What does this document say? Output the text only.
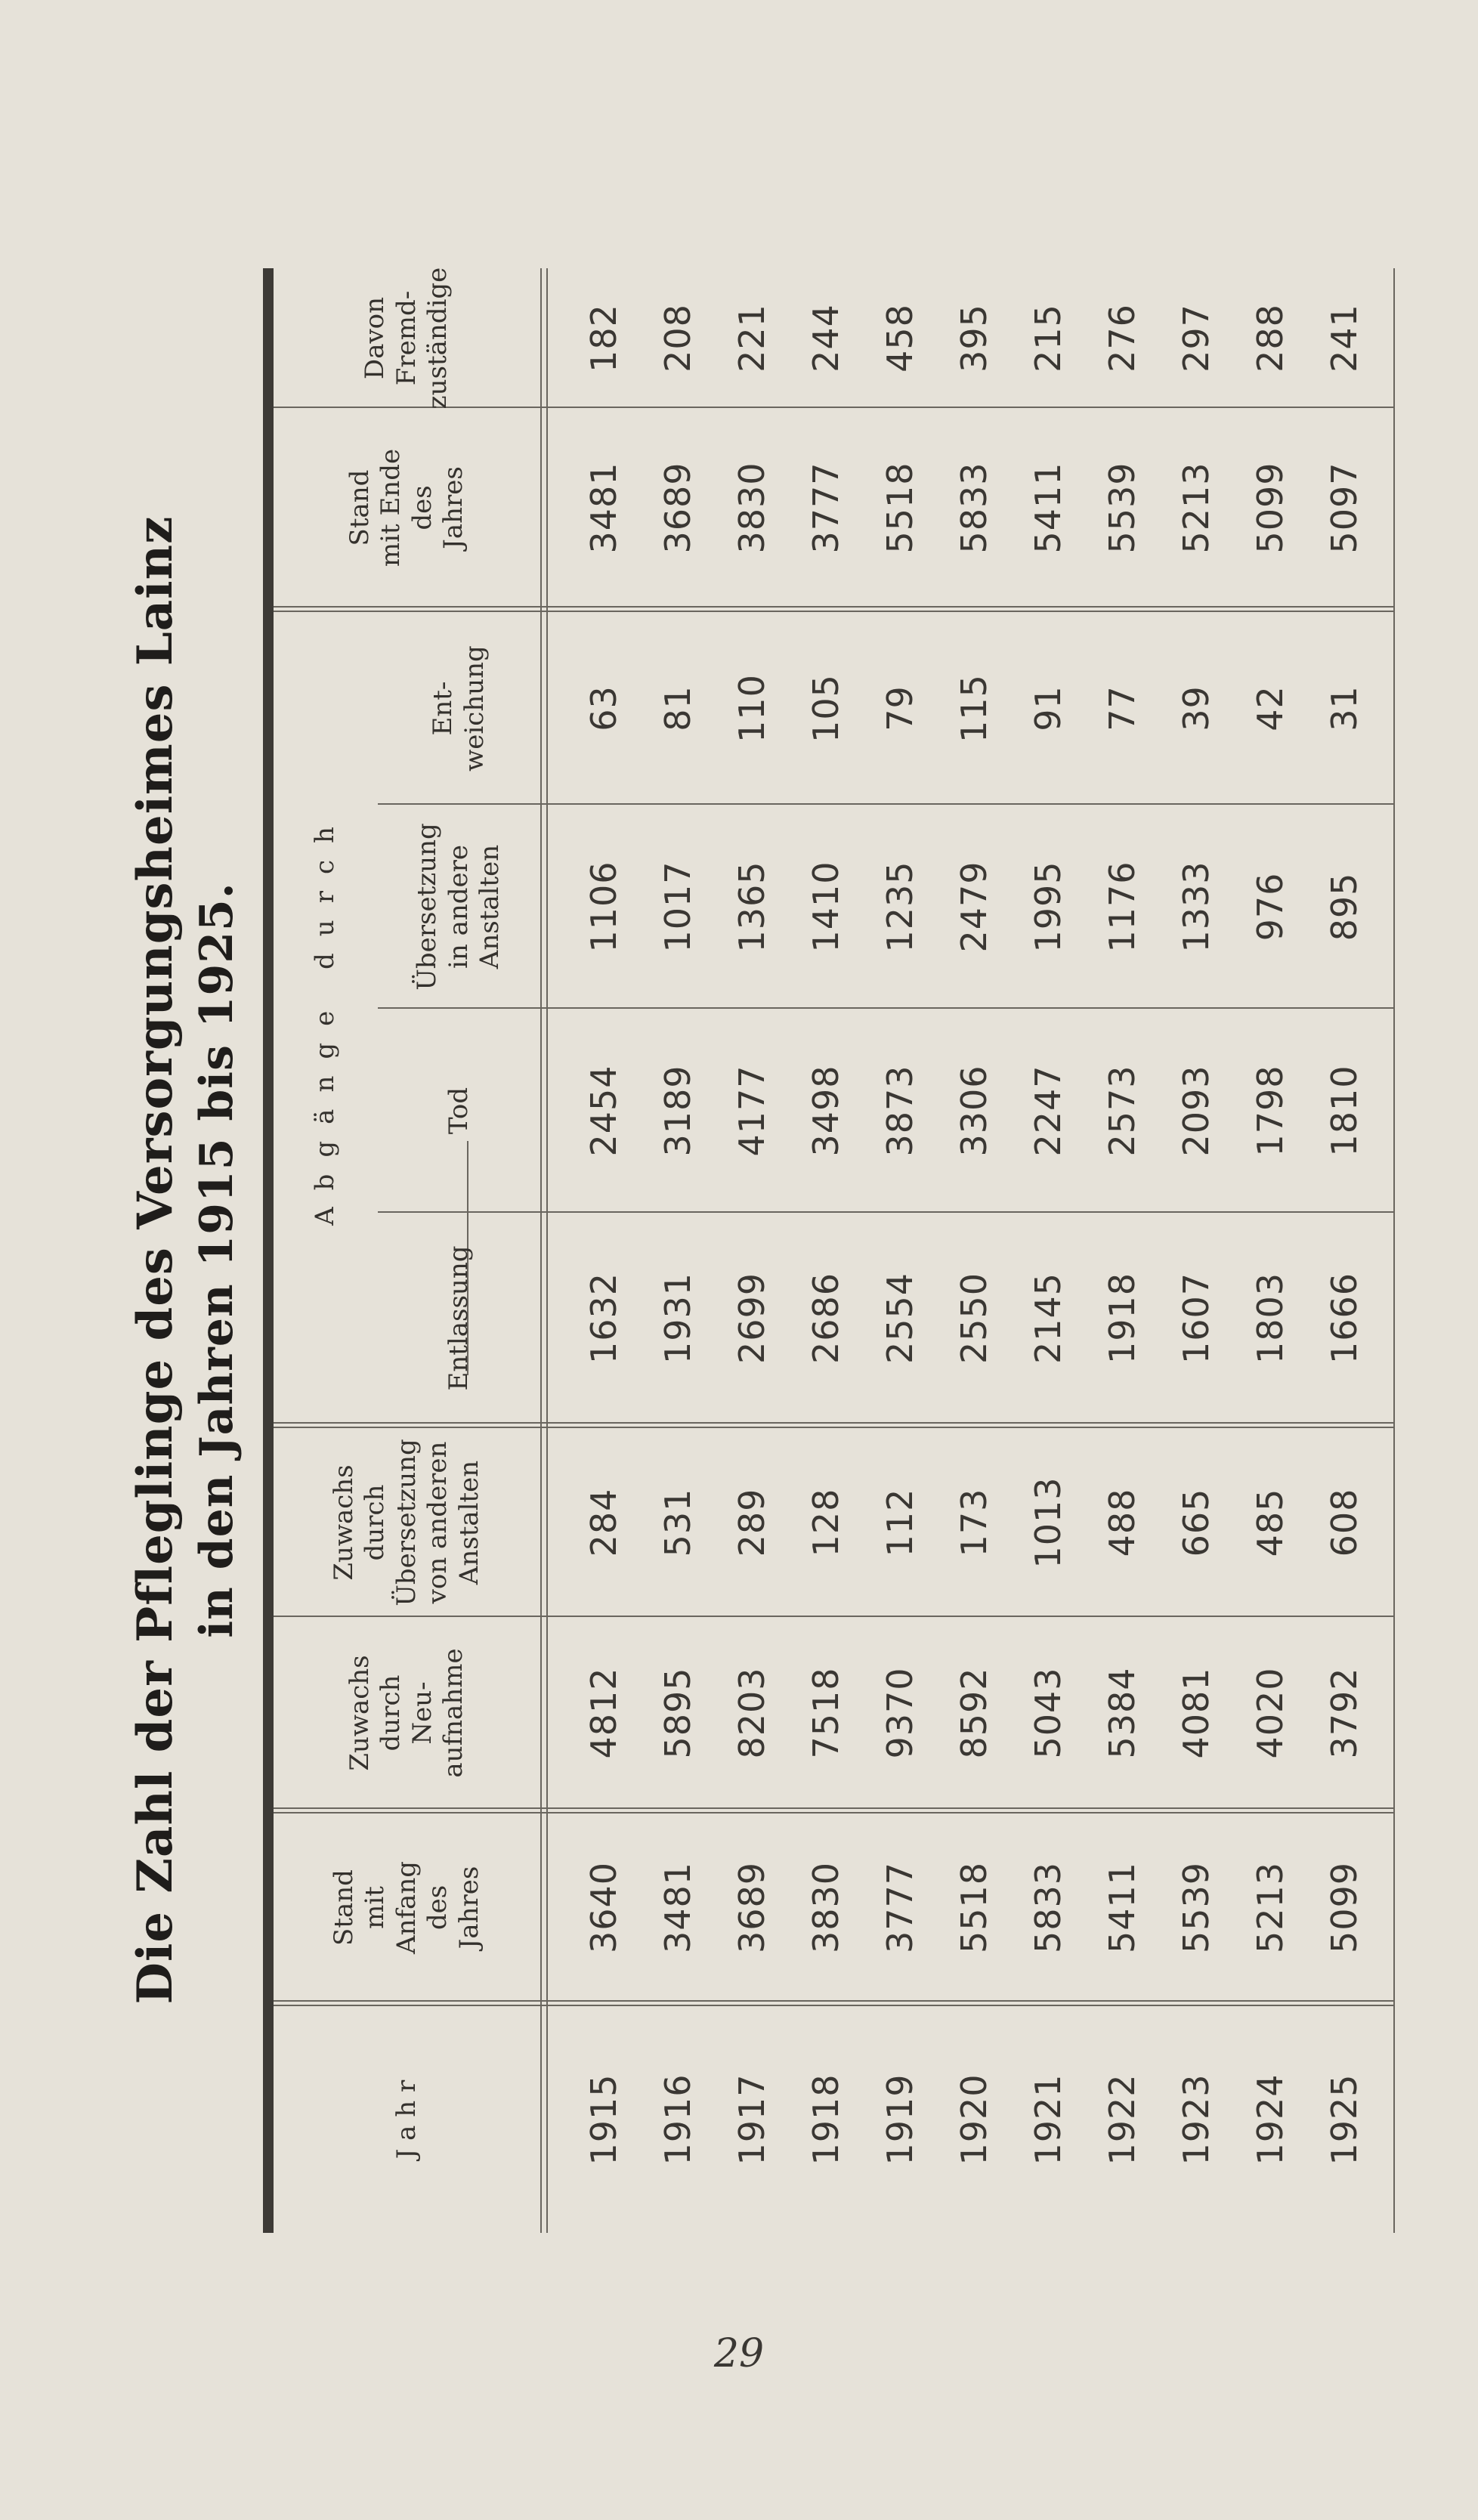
Die Zahl der Pfleglinge des Versorgungsheimes Lainz in den Jahren 1915 bis 1925.
J a h r
Stand
mit
Anfang
des
Jahres
Zuwachs
durch
Neu-
aufnahme
Zuwachs
durch
Übersetzung
von anderen
Anstalten
Abgänge durch
Entlassung
Tod
Übersetzung
in andere
Anstalten
Ent-
weichung
Stand
mit Ende
des
Jahres
Davon
Fremd-
zuständige
1915 1916 1917 1918 1919 1920 1921 1922 1923 1924 1925
3640 3481 3689 3830 3777 5518 5833 5411 5539 5213 5099
4812 5895 8203 7518 9370 8592 5043 5384 4081 4020 3792
284 531 289 128 112 173 1013 488 665 485 608
1632 1931 2699 2686 2554 2550 2145 1918 1607 1803 1666
2454 3189 4177 3498 3873 3306 2247 2573 2093 1798 1810
1106 1017 1365 1410 1235 2479 1995 1176 1333 976 895
63 81 110 105 79 115 91 77 39 42 31
3481 3689 3830 3777 5518 5833 5411 5539 5213 5099 5097
182 208 221 244 458 395 215 276 297 288 241
29
